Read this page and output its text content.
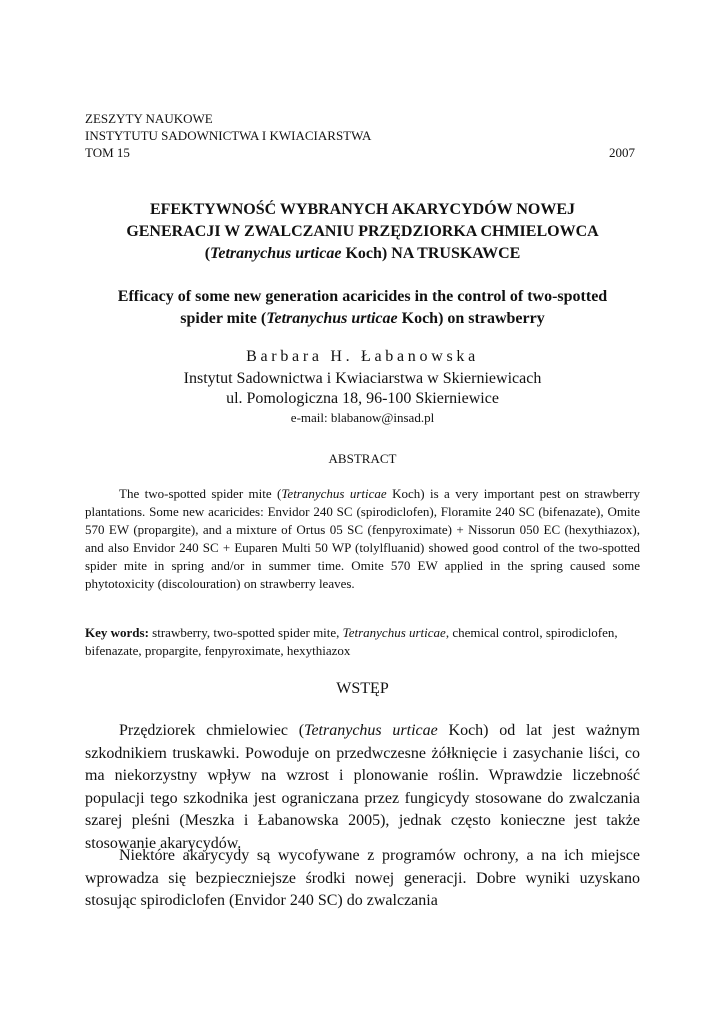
ZESZYTY NAUKOWE
INSTYTUTU SADOWNICTWA I KWIACIARSTWA
TOM 15	2007
EFEKTYWNOŚĆ WYBRANYCH AKARYCYDÓW NOWEJ
GENERACJI W ZWALCZANIU PRZĘDZIORKA CHMIELOWCA
(Tetranychus urticae Koch) NA TRUSKAWCE
Efficacy of some new generation acaricides in the control of two-spotted
spider mite (Tetranychus urticae Koch) on strawberry
Barbara H. Łabanowska
Instytut Sadownictwa i Kwiaciarstwa w Skierniewicach
ul. Pomologiczna 18, 96-100 Skierniewice
e-mail: blabanow@insad.pl
ABSTRACT

The two-spotted spider mite (Tetranychus urticae Koch) is a very important pest on strawberry plantations. Some new acaricides: Envidor 240 SC (spirodiclofen), Floramite 240 SC (bifenazate), Omite 570 EW (propargite), and a mixture of Ortus 05 SC (fenpyroximate) + Nissorun 050 EC (hexythiazox), and also Envidor 240 SC + Euparen Multi 50 WP (tolylfluanid) showed good control of the two-spotted spider mite in spring and/or in summer time. Omite 570 EW applied in the spring caused some phytotoxicity (discolouration) on strawberry leaves.

Key words: strawberry, two-spotted spider mite, Tetranychus urticae, chemical control, spirodiclofen, bifenazate, propargite, fenpyroximate, hexythiazox

WSTĘP

Przędziorek chmielowiec (Tetranychus urticae Koch) od lat jest ważnym szkodnikiem truskawki. Powoduje on przedwczesne żółknięcie i zasychanie liści, co ma niekorzystny wpływ na wzrost i plonowanie roślin. Wprawdzie liczebność populacji tego szkodnika jest ograniczana przez fungicydy stosowane do zwalczania szarej pleśni (Meszka i Łabanowska 2005), jednak często konieczne jest także stosowanie akarycydów.

Niektóre akarycydy są wycofywane z programów ochrony, a na ich miejsce wprowadza się bezpieczniejsze środki nowej generacji. Dobre wyniki uzyskano stosując spirodiclofen (Envidor 240 SC) do zwalczania
